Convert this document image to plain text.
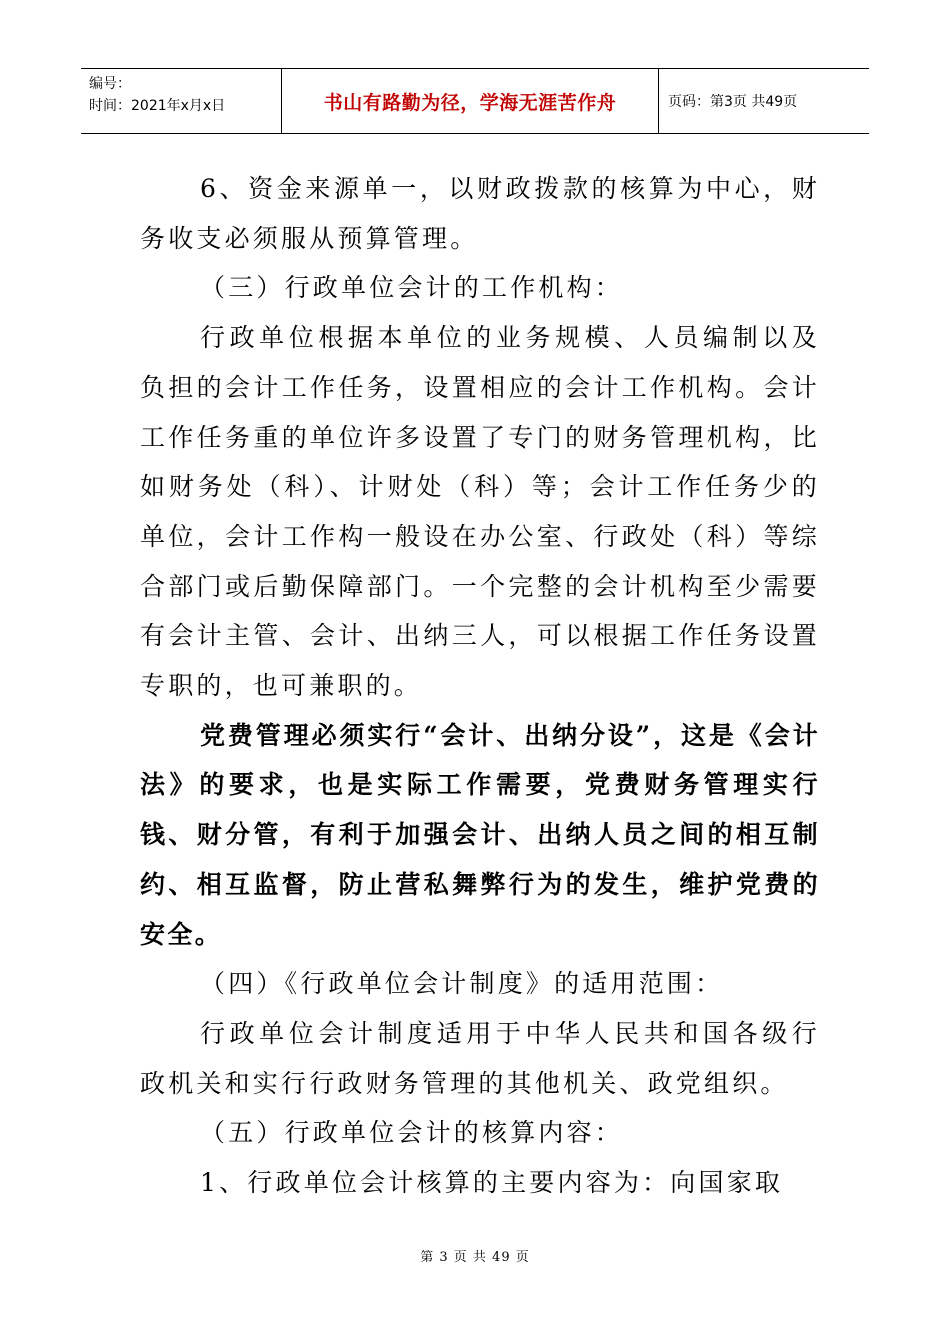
编号：
时间：2021年x月x日	书山有路勤为径，学海无涯苦作舟	页码：第3页 共49页

6、资金来源单一，以财政拨款的核算为中心，财务收支必须服从预算管理。

（三）行政单位会计的工作机构：

行政单位根据本单位的业务规模、人员编制以及负担的会计工作任务，设置相应的会计工作机构。会计工作任务重的单位许多设置了专门的财务管理机构，比如财务处（科）、计财处（科）等；会计工作任务少的单位，会计工作构一般设在办公室、行政处（科）等综合部门或后勤保障部门。一个完整的会计机构至少需要有会计主管、会计、出纳三人，可以根据工作任务设置专职的，也可兼职的。

党费管理必须实行“会计、出纳分设”，这是《会计法》的要求，也是实际工作需要，党费财务管理实行钱、财分管，有利于加强会计、出纳人员之间的相互制约、相互监督，防止营私舞弊行为的发生，维护党费的安全。

（四）《行政单位会计制度》的适用范围：

行政单位会计制度适用于中华人民共和国各级行政机关和实行行政财务管理的其他机关、政党组织。

（五）行政单位会计的核算内容：

1、行政单位会计核算的主要内容为：向国家取

第 3 页 共 49 页
